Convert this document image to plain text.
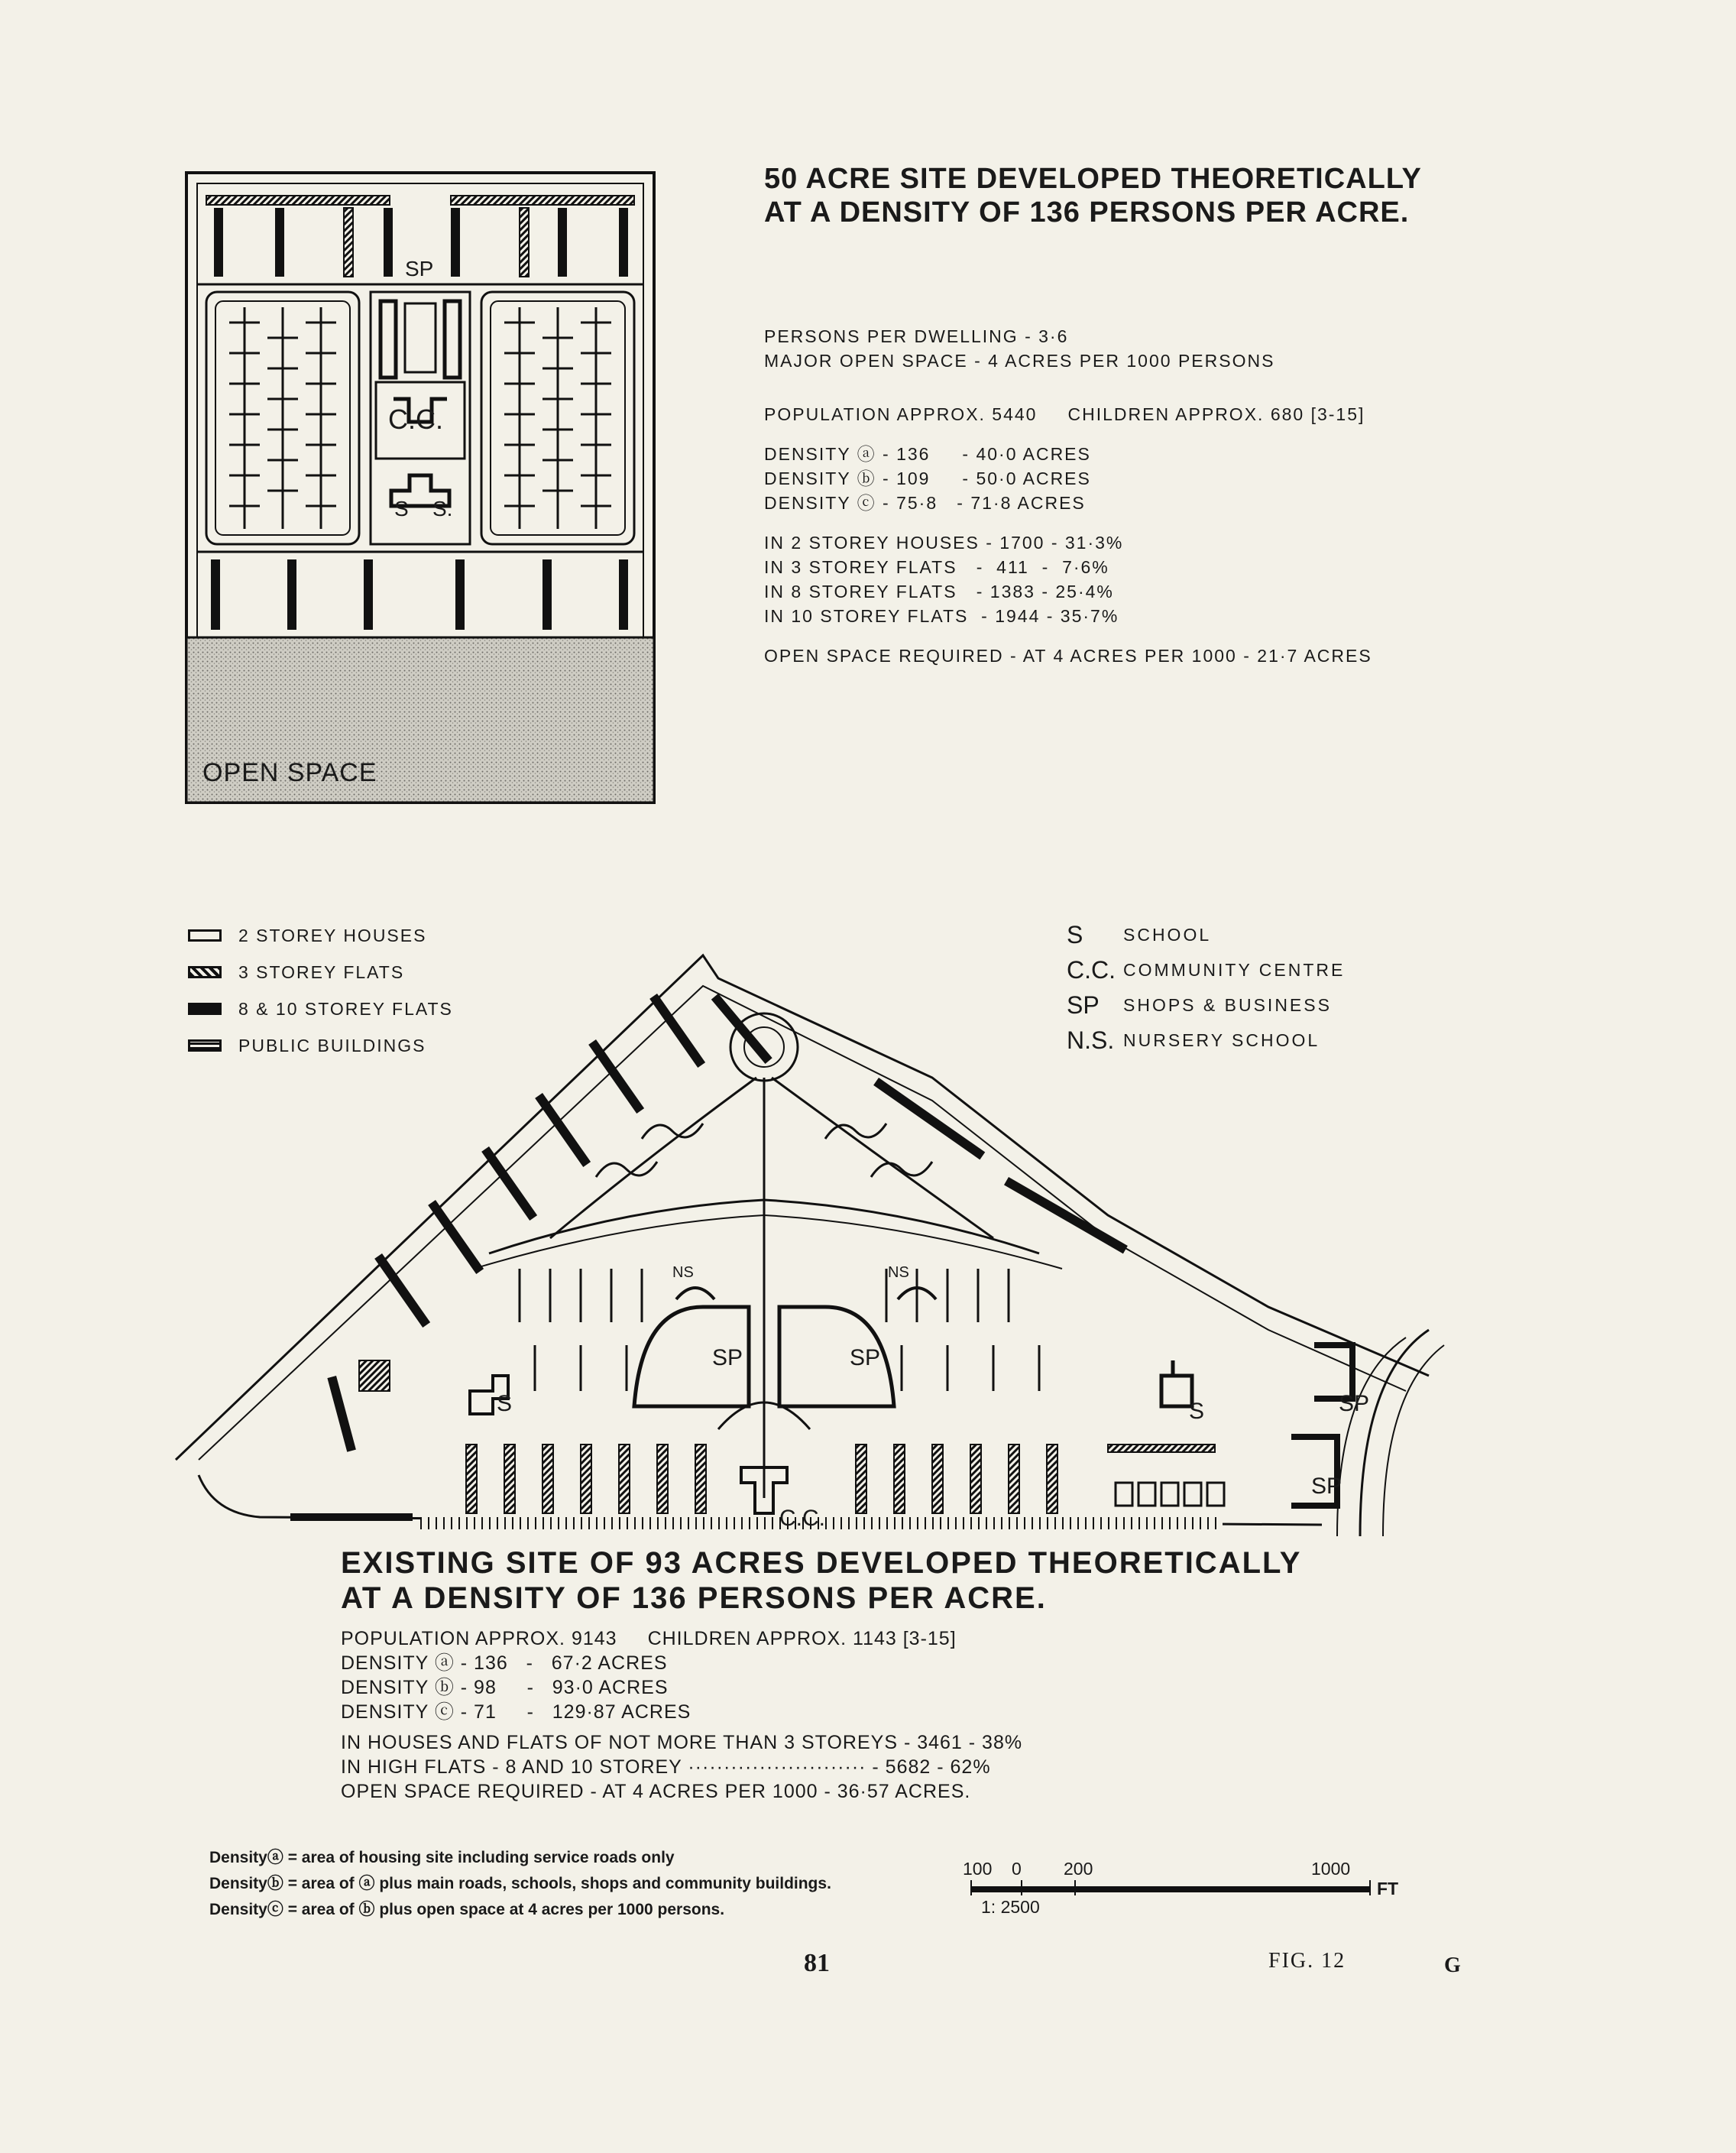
SP
C.C.
S S.
OPEN SPACE
50 ACRE SITE DEVELOPED THEORETICALLY
AT A DENSITY OF 136 PERSONS PER ACRE.
PERSONS PER DWELLING - 3·6
MAJOR OPEN SPACE - 4 ACRES PER 1000 PERSONS
POPULATION APPROX. 5440 CHILDREN APPROX. 680 [3-15]
DENSITY ⓐ - 136     - 40·0 ACRES
DENSITY ⓑ - 109     - 50·0 ACRES
DENSITY ⓒ - 75·8   - 71·8 ACRES
IN 2 STOREY HOUSES - 1700 - 31·3%
IN 3 STOREY FLATS   -  411  -  7·6%
IN 8 STOREY FLATS   - 1383 - 25·4%
IN 10 STOREY FLATS  - 1944 - 35·7%
OPEN SPACE REQUIRED - AT 4 ACRES PER 1000 - 21·7 ACRES
2 STOREY HOUSES
3 STOREY FLATS
8 & 10 STOREY FLATS
PUBLIC BUILDINGS
S	SCHOOL
C.C. COMMUNITY CENTRE
SP	SHOPS & BUSINESS
N.S. NURSERY SCHOOL
SP	SP
SP
SP
NS	NS
S	S
C.C.
EXISTING SITE OF 93 ACRES DEVELOPED THEORETICALLY
AT A DENSITY OF 136 PERSONS PER ACRE.
POPULATION APPROX. 9143 CHILDREN APPROX. 1143 [3-15]
DENSITY ⓐ - 136   -   67·2 ACRES
DENSITY ⓑ - 98     -   93·0 ACRES
DENSITY ⓒ - 71     -   129·87 ACRES
IN HOUSES AND FLATS OF NOT MORE THAN 3 STOREYS - 3461 - 38%
IN HIGH FLATS - 8 AND 10 STOREY ························· - 5682 - 62%
OPEN SPACE REQUIRED - AT 4 ACRES PER 1000 - 36·57 ACRES.
Densityⓐ = area of housing site including service roads only
Densityⓑ = area of ⓐ plus main roads, schools, shops and community buildings.
Densityⓒ = area of ⓑ plus open space at 4 acres per 1000 persons.
100 0 200	1000
FT
1: 2500
81	FIG. 12	G
